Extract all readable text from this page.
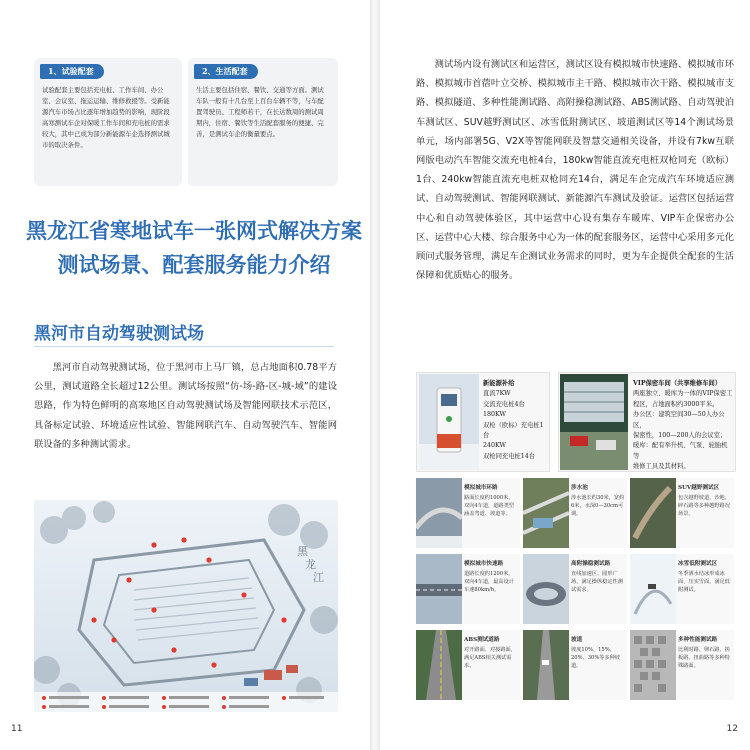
1、试验配套
试验配套主要包括充电桩、工作车间、办公室、会议室、拖运运输、维修救援等。受新能源汽车市场占比逐年增加趋势的影响，现阶段高寒测试车企对保暖工作车间和充电桩的需求较大，其中已成为部分新能源车企选择测试城市的取决条件。
2、生活配套
生活主要包括住宿、餐饮、交通等方面。测试车队一般有十几台至上百台车辆不等，与车配置驾驶员、工程师若干，在长达数周的测试周期内，住宿、餐饮等生活配套服务的便捷、完善，是测试车企的衡量要点。
黑龙江省寒地试车一张网式解决方案
测试场景、配套服务能力介绍
黑河市自动驾驶测试场
黑河市自动驾驶测试场，位于黑河市上马厂镇，总占地面积0.78平方公里，测试道路全长超过12公里。测试场按照“仿-场-路-区-城-域”的建设思路，作为特色鲜明的高寒地区自动驾驶测试场及智能网联技术示范区，具备标定试验、环境适应性试验、智能网联汽车、自动驾驶汽车、智能网联设备的多种测试需求。
黑
龙
江
11
测试场内设有测试区和运营区，测试区设有模拟城市快速路、模拟城市环路、模拟城市首蓿叶立交桥、模拟城市主干路、模拟城市次干路、模拟城市支路、模拟隧道、多种性能测试路、高附操稳测试路、ABS测试路、自动驾驶泊车测试区、SUV越野测试区、冰雪低附测试区、坡道测试区等14个测试场景单元，场内部署5G、V2X等智能网联及智慧交通相关设备，并设有7kw互联网版电动汽车智能交流充电桩4台，180kw智能直流充电桩双枪同充（欧标）1台、240kw智能直流充电桩双枪同充14台，满足车企完成汽车环境适应测试、自动驾驶测试、智能网联测试、新能源汽车测试及验证。运营区包括运营中心和自动驾驶体验区，其中运营中心设有集存车暖库、VIP车企保密办公区、运营中心大楼、综合服务中心为一体的配套服务区，运营中心采用多元化顾问式服务管理，满足车企测试业务需求的同时，更为车企提供全配套的生活保障和优质贴心的服务。
新能源补给
直流7KW
交流充电桩4台
180KW
双枪（欧标）充电桩1台
240KW
双枪同充电桩14台
VIP保密车间（共享维修车间）
两座独立、暖库为一体的VIP保密工程区，占地面积约3000平米。
办公区：建筑空间30—50人办公区，
保密性，100—200人的会议室；
暖库：配有举升机、气泵、轮胎机等
维修工具及其材料。
模拟城市环路
路面长度约1000米，双向4车道，道路类型涵盖弯道、坡道等。
涉水池
涉水池长约30米，宽约6米，水深0—30cm可调。
SUV越野测试区
包含越野坡道、沙地、碎石路等多种越野路况场景。
模拟城市快速路
道路长度约1200米，双向4车道，最高设计车速80km/h。
高附操稳测试路
直线加速区、圆形广场，满足操纵稳定性测试需求。
冰雪低附测试区
冬季洒水结冰形成冰面、压实雪面，满足低附测试。
ABS测试道路
对开路面、对接路面，满足ABS相关测试需求。
坡道
坡度10%、15%、20%、30%等多种坡道。
多种性能测试路
比利时路、卵石路、搓板路、扭曲路等多种特殊路面。
12
